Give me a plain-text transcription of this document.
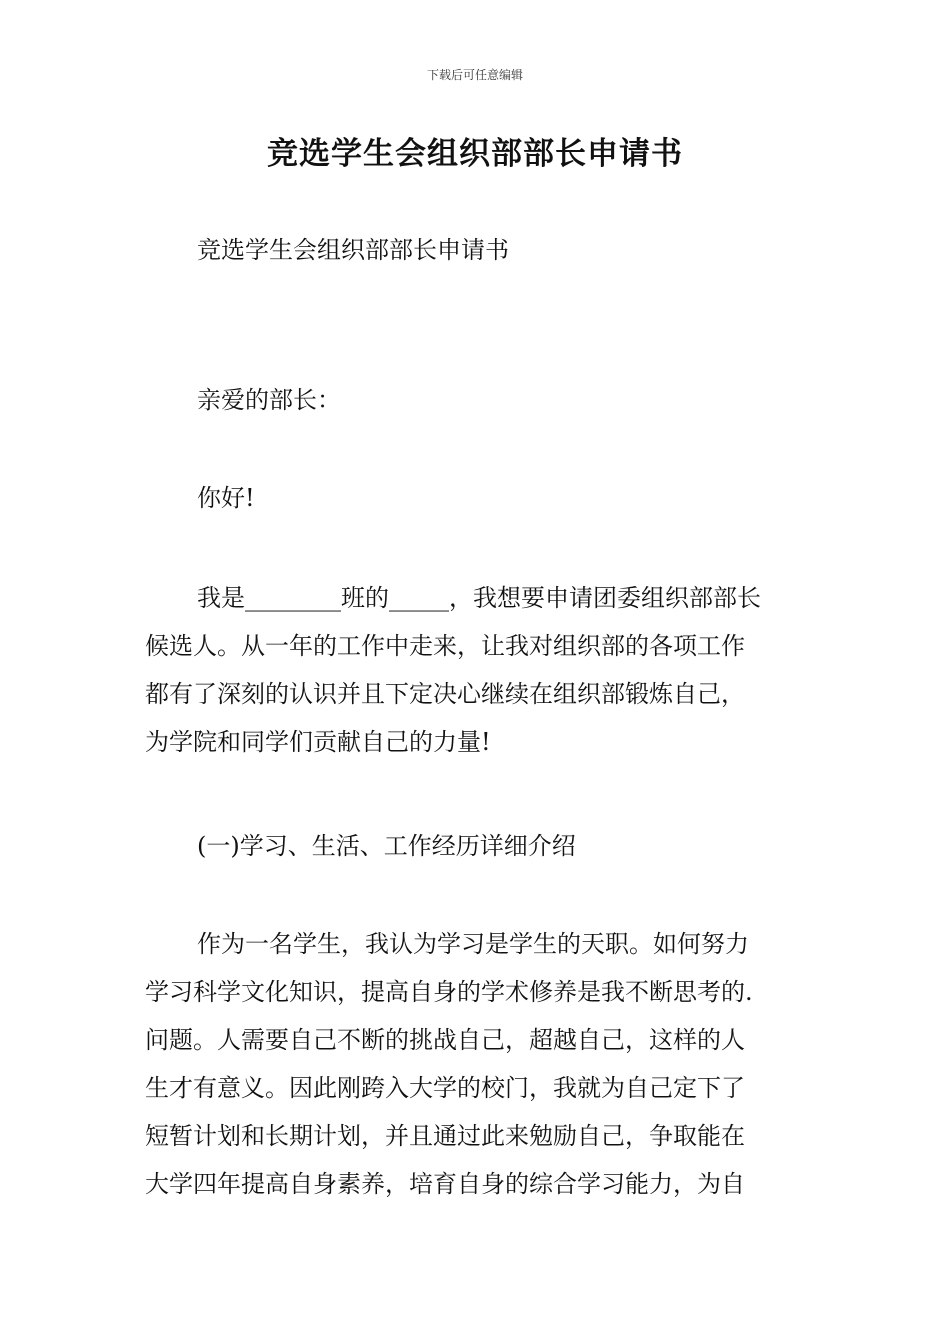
下载后可任意编辑
竞选学生会组织部部长申请书
竞选学生会组织部部长申请书
亲爱的部长：
你好!
我是________班的_____，我想要申请团委组织部部长
候选人。从一年的工作中走来，让我对组织部的各项工作
都有了深刻的认识并且下定决心继续在组织部锻炼自己，
为学院和同学们贡献自己的力量!
(一)学习、生活、工作经历详细介绍
作为一名学生，我认为学习是学生的天职。如何努力
学习科学文化知识，提高自身的学术修养是我不断思考的.
问题。人需要自己不断的挑战自己，超越自己，这样的人
生才有意义。因此刚跨入大学的校门，我就为自己定下了
短暂计划和长期计划，并且通过此来勉励自己，争取能在
大学四年提高自身素养，培育自身的综合学习能力，为自
